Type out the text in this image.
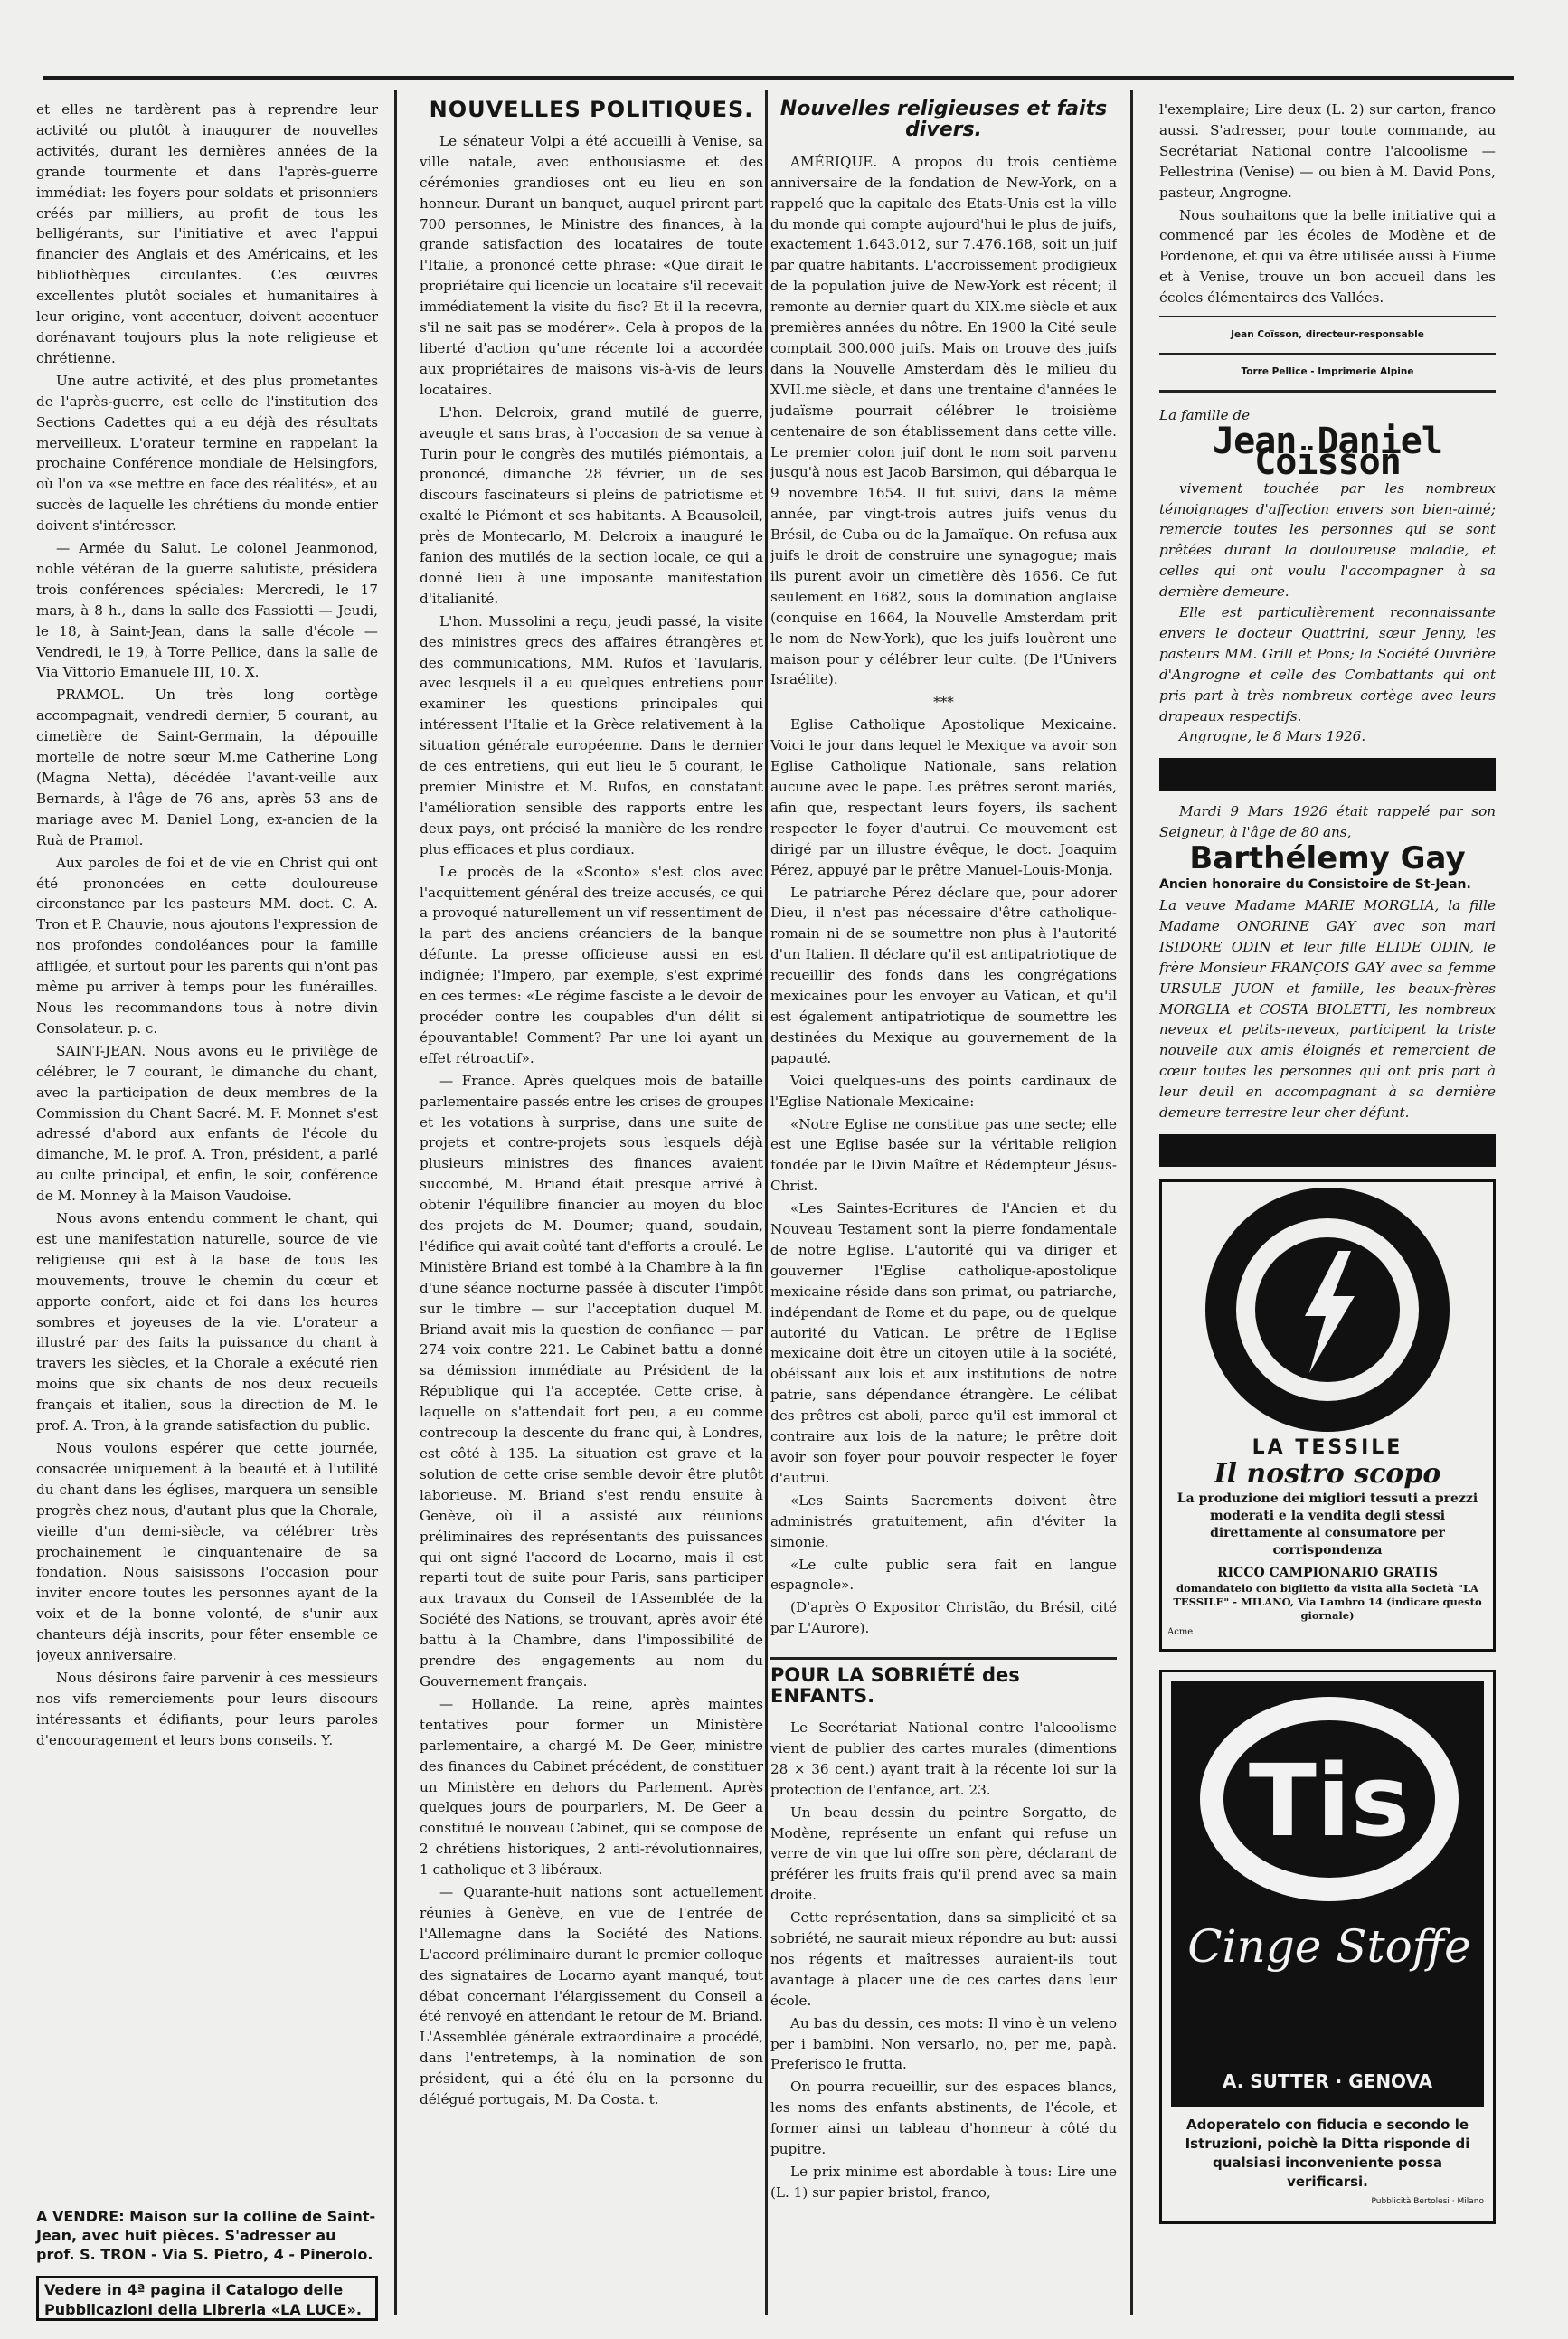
et elles ne tardèrent pas à reprendre leur activité ou plutôt à inaugurer de nouvelles activités, durant les dernières années de la grande tourmente et dans l'après-guerre immédiat: les foyers pour soldats et prisonniers créés par milliers, au profit de tous les belligérants, sur l'initiative et avec l'appui financier des Anglais et des Américains, et les bibliothèques circulantes. Ces œuvres excellentes plutôt sociales et humanitaires à leur origine, vont accentuer, doivent accentuer dorénavant toujours plus la note religieuse et chrétienne.

Une autre activité, et des plus prometantes de l'après-guerre, est celle de l'institution des Sections Cadettes qui a eu déjà des résultats merveilleux. L'orateur termine en rappelant la prochaine Conférence mondiale de Helsingfors, où l'on va «se mettre en face des réalités», et au succès de laquelle les chrétiens du monde entier doivent s'intéresser.

— Armée du Salut. Le colonel Jeanmonod, noble vétéran de la guerre salutiste, présidera trois conférences spéciales: Mercredi, le 17 mars, à 8 h., dans la salle des Fassiotti — Jeudi, le 18, à Saint-Jean, dans la salle d'école — Vendredi, le 19, à Torre Pellice, dans la salle de Via Vittorio Emanuele III, 10. X.

PRAMOL. Un très long cortège accompagnait, vendredi dernier, 5 courant, au cimetière de Saint-Germain, la dépouille mortelle de notre sœur M.me Catherine Long (Magna Netta), décédée l'avant-veille aux Bernards, à l'âge de 76 ans, après 53 ans de mariage avec M. Daniel Long, ex-ancien de la Ruà de Pramol.

Aux paroles de foi et de vie en Christ qui ont été prononcées en cette douloureuse circonstance par les pasteurs MM. doct. C. A. Tron et P. Chauvie, nous ajoutons l'expression de nos profondes condoléances pour la famille affligée, et surtout pour les parents qui n'ont pas même pu arriver à temps pour les funérailles. Nous les recommandons tous à notre divin Consolateur. p. c.

SAINT-JEAN. Nous avons eu le privilège de célébrer, le 7 courant, le dimanche du chant, avec la participation de deux membres de la Commission du Chant Sacré. M. F. Monnet s'est adressé d'abord aux enfants de l'école du dimanche, M. le prof. A. Tron, président, a parlé au culte principal, et enfin, le soir, conférence de M. Monney à la Maison Vaudoise.

Nous avons entendu comment le chant, qui est une manifestation naturelle, source de vie religieuse qui est à la base de tous les mouvements, trouve le chemin du cœur et apporte confort, aide et foi dans les heures sombres et joyeuses de la vie. L'orateur a illustré par des faits la puissance du chant à travers les siècles, et la Chorale a exécuté rien moins que six chants de nos deux recueils français et italien, sous la direction de M. le prof. A. Tron, à la grande satisfaction du public.

Nous voulons espérer que cette journée, consacrée uniquement à la beauté et à l'utilité du chant dans les églises, marquera un sensible progrès chez nous, d'autant plus que la Chorale, vieille d'un demi-siècle, va célébrer très prochainement le cinquantenaire de sa fondation. Nous saisissons l'occasion pour inviter encore toutes les personnes ayant de la voix et de la bonne volonté, de s'unir aux chanteurs déjà inscrits, pour fêter ensemble ce joyeux anniversaire.

Nous désirons faire parvenir à ces messieurs nos vifs remerciements pour leurs discours intéressants et édifiants, pour leurs paroles d'encouragement et leurs bons conseils. Y.

A VENDRE: Maison sur la colline de Saint-Jean, avec huit pièces. S'adresser au prof. S. TRON - Via S. Pietro, 4 - Pinerolo.
Vedere in 4ª pagina il Catalogo delle Pubblicazioni della Libreria «LA LUCE».
NOUVELLES POLITIQUES.

Le sénateur Volpi a été accueilli à Venise, sa ville natale, avec enthousiasme et des cérémonies grandioses ont eu lieu en son honneur. Durant un banquet, auquel prirent part 700 personnes, le Ministre des finances, à la grande satisfaction des locataires de toute l'Italie, a prononcé cette phrase: «Que dirait le propriétaire qui licencie un locataire s'il recevait immédiatement la visite du fisc? Et il la recevra, s'il ne sait pas se modérer». Cela à propos de la liberté d'action qu'une récente loi a accordée aux propriétaires de maisons vis-à-vis de leurs locataires.

L'hon. Delcroix, grand mutilé de guerre, aveugle et sans bras, à l'occasion de sa venue à Turin pour le congrès des mutilés piémontais, a prononcé, dimanche 28 février, un de ses discours fascinateurs si pleins de patriotisme et exalté le Piémont et ses habitants. A Beausoleil, près de Montecarlo, M. Delcroix a inauguré le fanion des mutilés de la section locale, ce qui a donné lieu à une imposante manifestation d'italianité.

L'hon. Mussolini a reçu, jeudi passé, la visite des ministres grecs des affaires étrangères et des communications, MM. Rufos et Tavularis, avec lesquels il a eu quelques entretiens pour examiner les questions principales qui intéressent l'Italie et la Grèce relativement à la situation générale européenne. Dans le dernier de ces entretiens, qui eut lieu le 5 courant, le premier Ministre et M. Rufos, en constatant l'amélioration sensible des rapports entre les deux pays, ont précisé la manière de les rendre plus efficaces et plus cordiaux.

Le procès de la «Sconto» s'est clos avec l'acquittement général des treize accusés, ce qui a provoqué naturellement un vif ressentiment de la part des anciens créanciers de la banque défunte. La presse officieuse aussi en est indignée; l'Impero, par exemple, s'est exprimé en ces termes: «Le régime fasciste a le devoir de procéder contre les coupables d'un délit si épouvantable! Comment? Par une loi ayant un effet rétroactif».

— France. Après quelques mois de bataille parlementaire passés entre les crises de groupes et les votations à surprise, dans une suite de projets et contre-projets sous lesquels déjà plusieurs ministres des finances avaient succombé, M. Briand était presque arrivé à obtenir l'équilibre financier au moyen du bloc des projets de M. Doumer; quand, soudain, l'édifice qui avait coûté tant d'efforts a croulé. Le Ministère Briand est tombé à la Chambre à la fin d'une séance nocturne passée à discuter l'impôt sur le timbre — sur l'acceptation duquel M. Briand avait mis la question de confiance — par 274 voix contre 221. Le Cabinet battu a donné sa démission immédiate au Président de la République qui l'a acceptée. Cette crise, à laquelle on s'attendait fort peu, a eu comme contrecoup la descente du franc qui, à Londres, est côté à 135. La situation est grave et la solution de cette crise semble devoir être plutôt laborieuse. M. Briand s'est rendu ensuite à Genève, où il a assisté aux réunions préliminaires des représentants des puissances qui ont signé l'accord de Locarno, mais il est reparti tout de suite pour Paris, sans participer aux travaux du Conseil de l'Assemblée de la Société des Nations, se trouvant, après avoir été battu à la Chambre, dans l'impossibilité de prendre des engagements au nom du Gouvernement français.

— Hollande. La reine, après maintes tentatives pour former un Ministère parlementaire, a chargé M. De Geer, ministre des finances du Cabinet précédent, de constituer un Ministère en dehors du Parlement. Après quelques jours de pourparlers, M. De Geer a constitué le nouveau Cabinet, qui se compose de 2 chrétiens historiques, 2 anti-révolutionnaires, 1 catholique et 3 libéraux.

— Quarante-huit nations sont actuellement réunies à Genève, en vue de l'entrée de l'Allemagne dans la Société des Nations. L'accord préliminaire durant le premier colloque des signataires de Locarno ayant manqué, tout débat concernant l'élargissement du Conseil a été renvoyé en attendant le retour de M. Briand. L'Assemblée générale extraordinaire a procédé, dans l'entretemps, à la nomination de son président, qui a été élu en la personne du délégué portugais, M. Da Costa. t.

Nouvelles religieuses et faits divers.

AMÉRIQUE. A propos du trois centième anniversaire de la fondation de New-York, on a rappelé que la capitale des Etats-Unis est la ville du monde qui compte aujourd'hui le plus de juifs, exactement 1.643.012, sur 7.476.168, soit un juif par quatre habitants. L'accroissement prodigieux de la population juive de New-York est récent; il remonte au dernier quart du XIX.me siècle et aux premières années du nôtre. En 1900 la Cité seule comptait 300.000 juifs. Mais on trouve des juifs dans la Nouvelle Amsterdam dès le milieu du XVII.me siècle, et dans une trentaine d'années le judaïsme pourrait célébrer le troisième centenaire de son établissement dans cette ville. Le premier colon juif dont le nom soit parvenu jusqu'à nous est Jacob Barsimon, qui débarqua le 9 novembre 1654. Il fut suivi, dans la même année, par vingt-trois autres juifs venus du Brésil, de Cuba ou de la Jamaïque. On refusa aux juifs le droit de construire une synagogue; mais ils purent avoir un cimetière dès 1656. Ce fut seulement en 1682, sous la domination anglaise (conquise en 1664, la Nouvelle Amsterdam prit le nom de New-York), que les juifs louèrent une maison pour y célébrer leur culte. (De l'Univers Israélite).

***

Eglise Catholique Apostolique Mexicaine. Voici le jour dans lequel le Mexique va avoir son Eglise Catholique Nationale, sans relation aucune avec le pape. Les prêtres seront mariés, afin que, respectant leurs foyers, ils sachent respecter le foyer d'autrui. Ce mouvement est dirigé par un illustre évêque, le doct. Joaquim Pérez, appuyé par le prêtre Manuel-Louis-Monja.

Le patriarche Pérez déclare que, pour adorer Dieu, il n'est pas nécessaire d'être catholique-romain ni de se soumettre non plus à l'autorité d'un Italien. Il déclare qu'il est antipatriotique de recueillir des fonds dans les congrégations mexicaines pour les envoyer au Vatican, et qu'il est également antipatriotique de soumettre les destinées du Mexique au gouvernement de la papauté.

Voici quelques-uns des points cardinaux de l'Eglise Nationale Mexicaine:

«Notre Eglise ne constitue pas une secte; elle est une Eglise basée sur la véritable religion fondée par le Divin Maître et Rédempteur Jésus-Christ.

«Les Saintes-Ecritures de l'Ancien et du Nouveau Testament sont la pierre fondamentale de notre Eglise. L'autorité qui va diriger et gouverner l'Eglise catholique-apostolique mexicaine réside dans son primat, ou patriarche, indépendant de Rome et du pape, ou de quelque autorité du Vatican. Le prêtre de l'Eglise mexicaine doit être un citoyen utile à la société, obéissant aux lois et aux institutions de notre patrie, sans dépendance étrangère. Le célibat des prêtres est aboli, parce qu'il est immoral et contraire aux lois de la nature; le prêtre doit avoir son foyer pour pouvoir respecter le foyer d'autrui.

«Les Saints Sacrements doivent être administrés gratuitement, afin d'éviter la simonie.

«Le culte public sera fait en langue espagnole».

(D'après O Expositor Christão, du Brésil, cité par L'Aurore).

POUR LA SOBRIÉTÉ des ENFANTS.

Le Secrétariat National contre l'alcoolisme vient de publier des cartes murales (dimentions 28 × 36 cent.) ayant trait à la récente loi sur la protection de l'enfance, art. 23.

Un beau dessin du peintre Sorgatto, de Modène, représente un enfant qui refuse un verre de vin que lui offre son père, déclarant de préférer les fruits frais qu'il prend avec sa main droite.

Cette représentation, dans sa simplicité et sa sobriété, ne saurait mieux répondre au but: aussi nos régents et maîtresses auraient-ils tout avantage à placer une de ces cartes dans leur école.

Au bas du dessin, ces mots: Il vino è un veleno per i bambini. Non versarlo, no, per me, papà. Preferisco le frutta.

On pourra recueillir, sur des espaces blancs, les noms des enfants abstinents, de l'école, et former ainsi un tableau d'honneur à côté du pupitre.

Le prix minime est abordable à tous: Lire une (L. 1) sur papier bristol, franco,

l'exemplaire; Lire deux (L. 2) sur carton, franco aussi. S'adresser, pour toute commande, au Secrétariat National contre l'alcoolisme — Pellestrina (Venise) — ou bien à M. David Pons, pasteur, Angrogne.

Nous souhaitons que la belle initiative qui a commencé par les écoles de Modène et de Pordenone, et qui va être utilisée aussi à Fiume et à Venise, trouve un bon accueil dans les écoles élémentaires des Vallées.

Jean Coïsson, directeur-responsable
Torre Pellice - Imprimerie Alpine
La famille de
Jean Daniel Coïsson
vivement touchée par les nombreux témoignages d'affection envers son bien-aimé; remercie toutes les personnes qui se sont prêtées durant la douloureuse maladie, et celles qui ont voulu l'accompagner à sa dernière demeure.
Elle est particulièrement reconnaissante envers le docteur Quattrini, sœur Jenny, les pasteurs MM. Grill et Pons; la Société Ouvrière d'Angrogne et celle des Combattants qui ont pris part à très nombreux cortège avec leurs drapeaux respectifs.
Angrogne, le 8 Mars 1926.
Mardi 9 Mars 1926 était rappelé par son Seigneur, à l'âge de 80 ans,
Barthélemy Gay
Ancien honoraire du Consistoire de St-Jean.
La veuve Madame MARIE MORGLIA, la fille Madame ONORINE GAY avec son mari ISIDORE ODIN et leur fille ELIDE ODIN, le frère Monsieur FRANÇOIS GAY avec sa femme URSULE JUON et famille, les beaux-frères MORGLIA et COSTA BIOLETTI, les nombreux neveux et petits-neveux, participent la triste nouvelle aux amis éloignés et remercient de cœur toutes les personnes qui ont pris part à leur deuil en accompagnant à sa dernière demeure terrestre leur cher défunt.
LA TESSILE
Il nostro scopo
La produzione dei migliori tessuti a prezzi moderati e la vendita degli stessi direttamente al consumatore per corrispondenza
RICCO CAMPIONARIO GRATIS
domandatelo con biglietto da visita alla Società "LA TESSILE" - MILANO, Via Lambro 14 (indicare questo giornale)
Acme
Tis
Cinge Stoffe
A. SUTTER · GENOVA
Adoperatelo con fiducia e secondo le Istruzioni, poichè la Ditta risponde di qualsiasi inconveniente possa verificarsi.
Pubblicità Bertolesi · Milano
